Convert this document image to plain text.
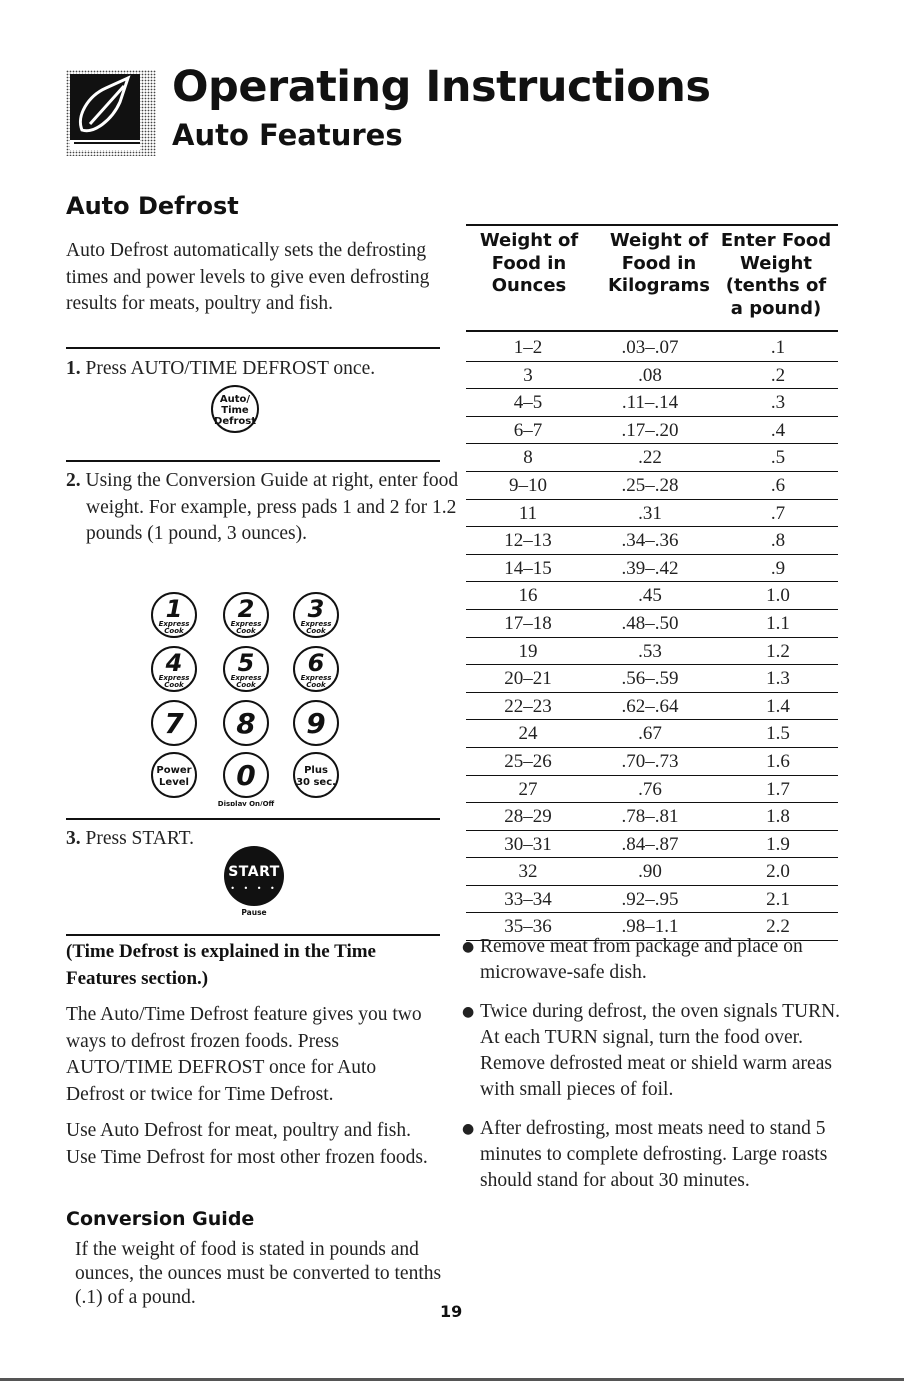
Operating Instructions
Auto Features
Auto Defrost

Auto Defrost automatically sets the defrosting times and power levels to give even defrosting results for meats, poultry and fish.

1. Press AUTO/TIME DEFROST once.

Auto/
Time
Defrost

2. Using the Conversion Guide at right, enter food weight. For example, press pads 1 and 2 for 1.2 pounds (1 pound, 3 ounces).

1
Express
Cook
2
Express
Cook
3
Express
Cook
4
Express
Cook
5
Express
Cook
6
Express
Cook
7 8 9
Power
Level 0	Plus
30 sec.
Display On/Off

3. Press START.

START
• • • •
Pause

(Time Defrost is explained in the Time Features section.)

The Auto/Time Defrost feature gives you two ways to defrost frozen foods. Press AUTO/TIME DEFROST once for Auto Defrost or twice for Time Defrost.

Use Auto Defrost for meat, poultry and fish. Use Time Defrost for most other frozen foods.

Conversion Guide

If the weight of food is stated in pounds and ounces, the ounces must be converted to tenths (.1) of a pound.

Weight of
Food in
Ounces
Weight of
Food in
Kilograms
Enter Food
Weight
(tenths of
a pound)
1–2	.03–.07	.1
3	.08	.2
4–5	.11–.14	.3
6–7	.17–.20	.4
8	.22	.5
9–10	.25–.28	.6
11	.31	.7
12–13	.34–.36	.8
14–15	.39–.42	.9
16	.45	1.0
17–18	.48–.50	1.1
19	.53	1.2
20–21	.56–.59	1.3
22–23	.62–.64	1.4
24	.67	1.5
25–26	.70–.73	1.6
27	.76	1.7
28–29	.78–.81	1.8
30–31	.84–.87	1.9
32	.90	2.0
33–34	.92–.95	2.1
35–36	.98–1.1	2.2
● Remove meat from package and place on microwave-safe dish.
● Twice during defrost, the oven signals TURN. At each TURN signal, turn the food over. Remove defrosted meat or shield warm areas with small pieces of foil.
● After defrosting, most meats need to stand 5 minutes to complete defrosting. Large roasts should stand for about 30 minutes.
19
